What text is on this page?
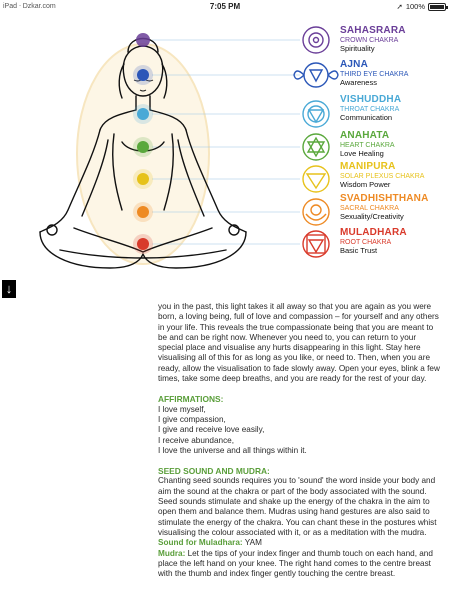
iPad ᐧ Dzkar.com	7:05 PM	➚ 100%
SAHASRARA
CROWN CHAKRA
Spirituality
AJNA
THIRD EYE CHAKRA
Awareness
VISHUDDHA
THROAT CHAKRA
Communication
ANAHATA
HEART CHAKRA
Love Healing
MANIPURA
SOLAR PLEXUS CHAKRA
Wisdom Power
SVADHISHTHANA
SACRAL CHAKRA
Sexuality/Creativity
MULADHARA
ROOT CHAKRA
Basic Trust
↓

you in the past, this light takes it all away so that you are again as you were born, a loving being, full of love and compassion – for yourself and any others in your life. This reveals the true compassionate being that you are meant to be and can be right now. Whenever you need to, you can return to your special place and visualise any hurts disappearing in this light. Stay here visualising all of this for as long as you like, or need to. Then, when you are ready, allow the visualisation to fade slowly away. Open your eyes, blink a few times, take some deep breaths, and you are ready for the rest of your day.

AFFIRMATIONS:
I love myself,
I give compassion,
I give and receive love easily,
I receive abundance,
I love the universe and all things within it.
SEED SOUND AND MUDRA:

Chanting seed sounds requires you to 'sound' the word inside your body and aim the sound at the chakra or part of the body associated with the sound. Seed sounds stimulate and shake up the energy of the chakra in the aim to open them and balance them. Mudras using hand gestures are also said to stimulate the energy of the chakra. You can chant these in the postures whist visualising the colour associated with it, or as a meditation with the mudra.

Sound for Muladhara: YAM

Mudra: Let the tips of your index finger and thumb touch on each hand, and place the left hand on your knee. The right hand comes to the centre breast with the thumb and index finger gently touching the centre breast.
